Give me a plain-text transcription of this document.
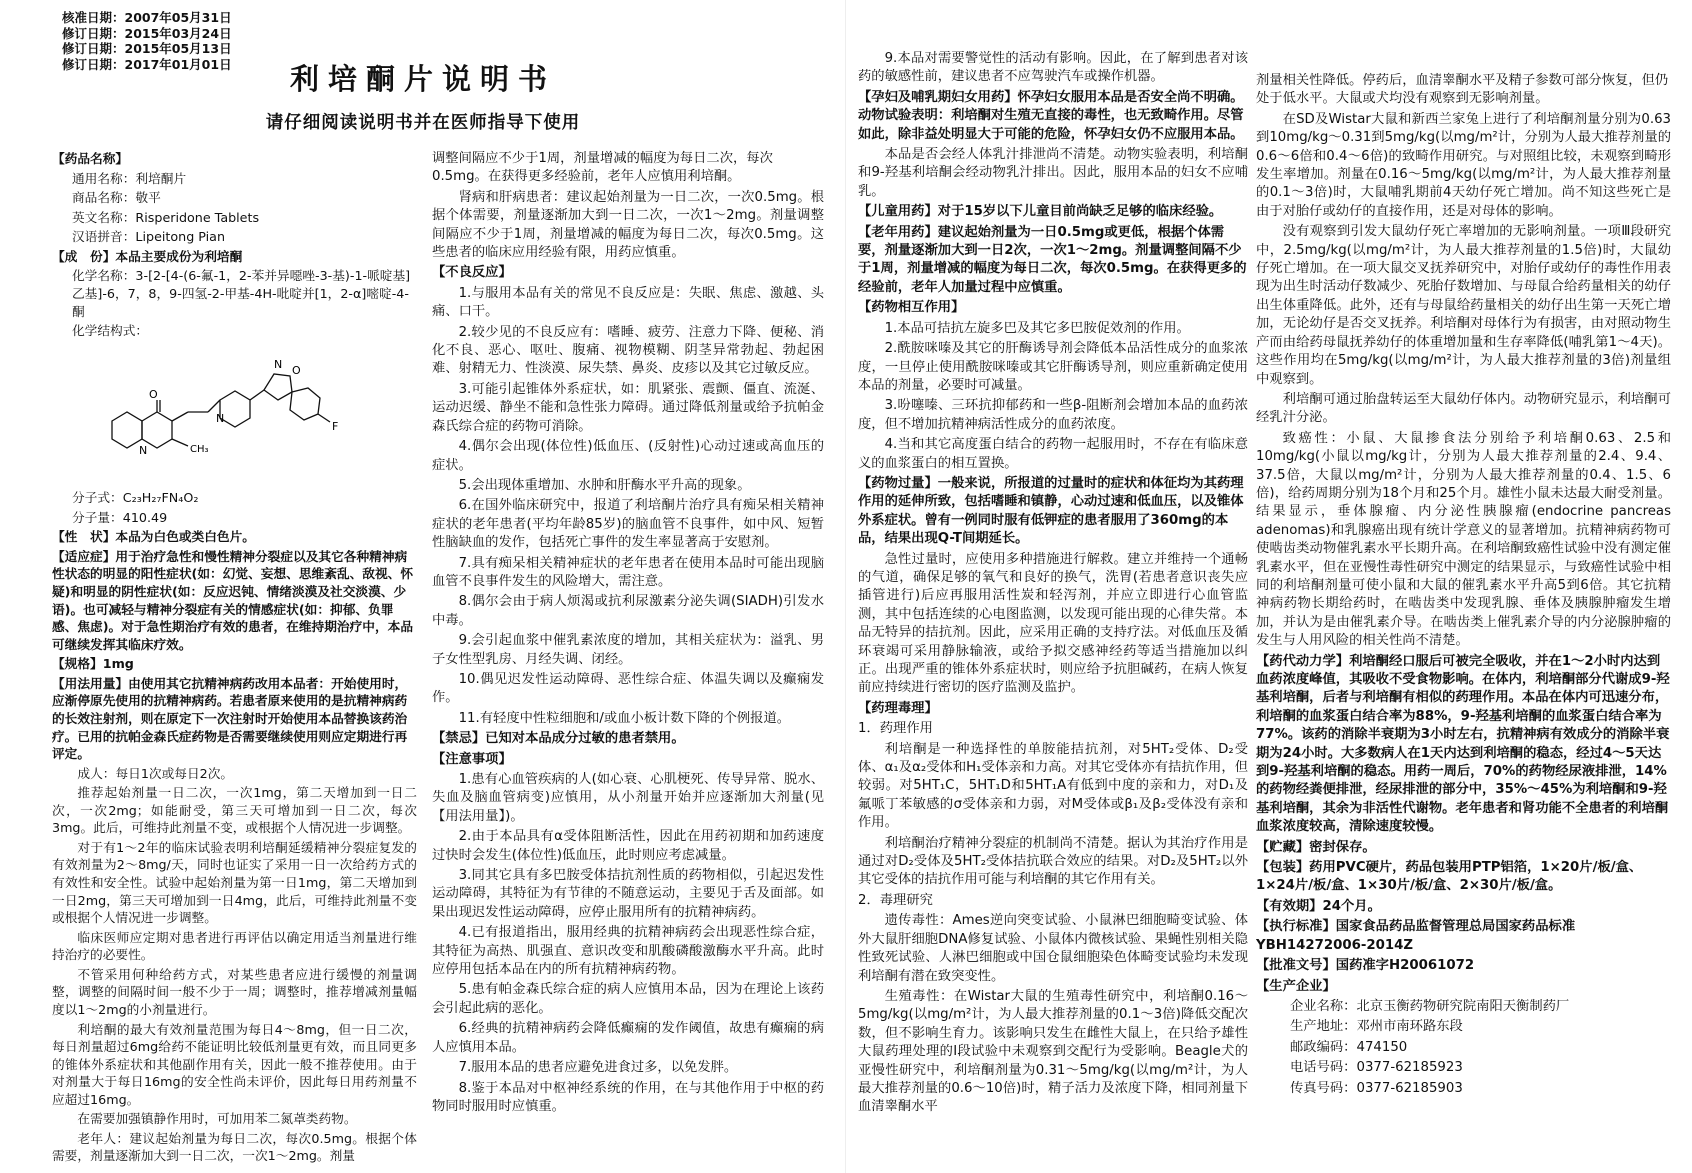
核准日期：2007年05月31日
修订日期：2015年03月24日
修订日期：2015年05月13日
修订日期：2017年01月01日	利培酮片说明书
请仔细阅读说明书并在医师指导下使用
【药品名称】
通用名称：利培酮片
商品名称：敬平
英文名称：Risperidone Tablets
汉语拼音：Lipeitong Pian
【成　份】本品主要成份为利培酮
化学名称：3-[2-[4-(6-氟-1，2-苯并异噁唑-3-基)-1-哌啶基]乙基]-6，7，8，9-四氢-2-甲基-4H-吡啶并[1，2-α]嘧啶-4-酮
化学结构式：
O
N	CH₃
N
N O
F
分子式：C₂₃H₂₇FN₄O₂
分子量：410.49
【性　状】本品为白色或类白色片。
【适应症】用于治疗急性和慢性精神分裂症以及其它各种精神病性状态的明显的阳性症状(如：幻觉、妄想、思维紊乱、敌视、怀疑)和明显的阴性症状(如：反应迟钝、情绪淡漠及社交淡漠、少语)。也可减轻与精神分裂症有关的情感症状(如：抑郁、负罪感、焦虑)。对于急性期治疗有效的患者，在维持期治疗中，本品可继续发挥其临床疗效。
【规格】1mg
【用法用量】由使用其它抗精神病药改用本品者：开始使用时，应渐停原先使用的抗精神病药。若患者原来使用的是抗精神病药的长效注射剂，则在原定下一次注射时开始使用本品替换该药治疗。已用的抗帕金森氏症药物是否需要继续使用则应定期进行再评定。
成人：每日1次或每日2次。
推荐起始剂量一日二次，一次1mg，第二天增加到一日二次，一次2mg；如能耐受，第三天可增加到一日二次，每次3mg。此后，可维持此剂量不变，或根据个人情况进一步调整。
对于有1～2年的临床试验表明利培酮延缓精神分裂症复发的有效剂量为2～8mg/天，同时也证实了采用一日一次给药方式的有效性和安全性。试验中起始剂量为第一日1mg，第二天增加到一日2mg，第三天可增加到一日4mg，此后，可维持此剂量不变或根据个人情况进一步调整。
临床医师应定期对患者进行再评估以确定用适当剂量进行维持治疗的必要性。
不管采用何种给药方式，对某些患者应进行缓慢的剂量调整，调整的间隔时间一般不少于一周；调整时，推荐增减剂量幅度以1～2mg的小剂量进行。
利培酮的最大有效剂量范围为每日4～8mg，但一日二次，每日剂量超过6mg给药不能证明比较低剂量更有效，而且同更多的锥体外系症状和其他副作用有关，因此一般不推荐使用。由于对剂量大于每日16mg的安全性尚未评价，因此每日用药剂量不应超过16mg。
在需要加强镇静作用时，可加用苯二氮䓬类药物。
老年人：建议起始剂量为每日二次，每次0.5mg。根据个体需要，剂量逐渐加大到一日二次，一次1～2mg。剂量
调整间隔应不少于1周，剂量增减的幅度为每日二次，每次0.5mg。在获得更多经验前，老年人应慎用利培酮。
肾病和肝病患者：建议起始剂量为一日二次，一次0.5mg。根据个体需要，剂量逐渐加大到一日二次，一次1～2mg。剂量调整间隔应不少于1周，剂量增减的幅度为每日二次，每次0.5mg。这些患者的临床应用经验有限，用药应慎重。
【不良反应】
1.与服用本品有关的常见不良反应是：失眠、焦虑、激越、头痛、口干。
2.较少见的不良反应有：嗜睡、疲劳、注意力下降、便秘、消化不良、恶心、呕吐、腹痛、视物模糊、阴茎异常勃起、勃起困难、射精无力、性淡漠、尿失禁、鼻炎、皮疹以及其它过敏反应。
3.可能引起锥体外系症状，如：肌紧张、震颤、僵直、流涎、运动迟缓、静坐不能和急性张力障碍。通过降低剂量或给予抗帕金森氏综合症的药物可消除。
4.偶尔会出现(体位性)低血压、(反射性)心动过速或高血压的症状。
5.会出现体重增加、水肿和肝酶水平升高的现象。
6.在国外临床研究中，报道了利培酮片治疗具有痴呆相关精神症状的老年患者(平均年龄85岁)的脑血管不良事件，如中风、短暂性脑缺血的发作，包括死亡事件的发生率显著高于安慰剂。
7.具有痴呆相关精神症状的老年患者在使用本品时可能出现脑血管不良事件发生的风险增大，需注意。
8.偶尔会由于病人烦渴或抗利尿激素分泌失调(SIADH)引发水中毒。
9.会引起血浆中催乳素浓度的增加，其相关症状为：溢乳、男子女性型乳房、月经失调、闭经。
10.偶见迟发性运动障碍、恶性综合症、体温失调以及癫痫发作。
11.有轻度中性粒细胞和/或血小板计数下降的个例报道。
【禁忌】已知对本品成分过敏的患者禁用。
【注意事项】
1.患有心血管疾病的人(如心衰、心肌梗死、传导异常、脱水、失血及脑血管病变)应慎用，从小剂量开始并应逐渐加大剂量(见【用法用量】)。
2.由于本品具有α受体阻断活性，因此在用药初期和加药速度过快时会发生(体位性)低血压，此时则应考虑减量。
3.同其它具有多巴胺受体拮抗剂性质的药物相似，引起迟发性运动障碍，其特征为有节律的不随意运动，主要见于舌及面部。如果出现迟发性运动障碍，应停止服用所有的抗精神病药。
4.已有报道指出，服用经典的抗精神病药会出现恶性综合症，其特征为高热、肌强直、意识改变和肌酸磷酸激酶水平升高。此时应停用包括本品在内的所有抗精神病药物。
5.患有帕金森氏综合症的病人应慎用本品，因为在理论上该药会引起此病的恶化。
6.经典的抗精神病药会降低癫痫的发作阈值，故患有癫痫的病人应慎用本品。
7.服用本品的患者应避免进食过多，以免发胖。
8.鉴于本品对中枢神经系统的作用，在与其他作用于中枢的药物同时服用时应慎重。
9.本品对需要警觉性的活动有影响。因此，在了解到患者对该药的敏感性前，建议患者不应驾驶汽车或操作机器。
【孕妇及哺乳期妇女用药】怀孕妇女服用本品是否安全尚不明确。动物试验表明：利培酮对生殖无直接的毒性，也无致畸作用。尽管如此，除非益处明显大于可能的危险，怀孕妇女仍不应服用本品。
本品是否会经人体乳汁排泄尚不清楚。动物实验表明，利培酮和9-羟基利培酮会经动物乳汁排出。因此，服用本品的妇女不应哺乳。
【儿童用药】对于15岁以下儿童目前尚缺乏足够的临床经验。
【老年用药】建议起始剂量为一日0.5mg或更低，根据个体需要，剂量逐渐加大到一日2次，一次1～2mg。剂量调整间隔不少于1周，剂量增减的幅度为每日二次，每次0.5mg。在获得更多的经验前，老年人加量过程中应慎重。
【药物相互作用】
1.本品可拮抗左旋多巴及其它多巴胺促效剂的作用。
2.酰胺咪嗪及其它的肝酶诱导剂会降低本品活性成分的血浆浓度，一旦停止使用酰胺咪嗪或其它肝酶诱导剂，则应重新确定使用本品的剂量，必要时可减量。
3.吩噻嗪、三环抗抑郁药和一些β-阻断剂会增加本品的血药浓度，但不增加抗精神病活性成分的血药浓度。
4.当和其它高度蛋白结合的药物一起服用时，不存在有临床意义的血浆蛋白的相互置换。
【药物过量】一般来说，所报道的过量时的症状和体征均为其药理作用的延伸所致，包括嗜睡和镇静，心动过速和低血压，以及锥体外系症状。曾有一例同时服有低钾症的患者服用了360mg的本品，结果出现Q-T间期延长。
急性过量时，应使用多种措施进行解救。建立并维持一个通畅的气道，确保足够的氧气和良好的换气，洗胃(若患者意识丧失应插管进行)后应再服用活性炭和轻泻剂，并应立即进行心血管监测，其中包括连续的心电图监测，以发现可能出现的心律失常。本品无特异的拮抗剂。因此，应采用正确的支持疗法。对低血压及循环衰竭可采用静脉输液，或给予拟交感神经药等适当措施加以纠正。出现严重的锥体外系症状时，则应给予抗胆碱药，在病人恢复前应持续进行密切的医疗监测及监护。
【药理毒理】
1．药理作用
利培酮是一种选择性的单胺能拮抗剂，对5HT₂受体、D₂受体、α₁及α₂受体和H₁受体亲和力高。对其它受体亦有拮抗作用，但较弱。对5HT₁C，5HT₁D和5HT₁A有低到中度的亲和力，对D₁及氟哌丁苯敏感的σ受体亲和力弱，对M受体或β₁及β₂受体没有亲和作用。
利培酮治疗精神分裂症的机制尚不清楚。据认为其治疗作用是通过对D₂受体及5HT₂受体拮抗联合效应的结果。对D₂及5HT₂以外其它受体的拮抗作用可能与利培酮的其它作用有关。
2．毒理研究
遗传毒性：Ames逆向突变试验、小鼠淋巴细胞畸变试验、体外大鼠肝细胞DNA修复试验、小鼠体内微核试验、果蝇性别相关隐性致死试验、人淋巴细胞或中国仓鼠细胞染色体畸变试验均未发现利培酮有潜在致突变性。
生殖毒性：在Wistar大鼠的生殖毒性研究中，利培酮0.16～5mg/kg(以mg/m²计，为人最大推荐剂量的0.1～3倍)降低交配次数，但不影响生育力。该影响只发生在雌性大鼠上，在只给予雄性大鼠药理处理的Ⅰ段试验中未观察到交配行为受影响。Beagle犬的亚慢性研究中，利培酮剂量为0.31～5mg/kg(以mg/m²计，为人最大推荐剂量的0.6～10倍)时，精子活力及浓度下降，相同剂量下血清睾酮水平
剂量相关性降低。停药后，血清睾酮水平及精子参数可部分恢复，但仍处于低水平。大鼠或犬均没有观察到无影响剂量。
在SD及Wistar大鼠和新西兰家兔上进行了利培酮剂量分别为0.63到10mg/kg～0.31到5mg/kg(以mg/m²计，分别为人最大推荐剂量的0.6～6倍和0.4～6倍)的致畸作用研究。与对照组比较，未观察到畸形发生率增加。剂量在0.16～5mg/kg(以mg/m²计，为人最大推荐剂量的0.1～3倍)时，大鼠哺乳期前4天幼仔死亡增加。尚不知这些死亡是由于对胎仔或幼仔的直接作用，还是对母体的影响。
没有观察到引发大鼠幼仔死亡率增加的无影响剂量。一项Ⅲ段研究中，2.5mg/kg(以mg/m²计，为人最大推荐剂量的1.5倍)时，大鼠幼仔死亡增加。在一项大鼠交叉抚养研究中，对胎仔或幼仔的毒性作用表现为出生时活动仔数减少、死胎仔数增加、与母鼠合给药量相关的幼仔出生体重降低。此外，还有与母鼠给药量相关的幼仔出生第一天死亡增加，无论幼仔是否交叉抚养。利培酮对母体行为有损害，由对照动物生产而由给药母鼠抚养幼仔的体重增加量和生存率降低(哺乳第1～4天)。这些作用均在5mg/kg(以mg/m²计，为人最大推荐剂量的3倍)剂量组中观察到。
利培酮可通过胎盘转运至大鼠幼仔体内。动物研究显示，利培酮可经乳汁分泌。
致癌性：小鼠、大鼠掺食法分别给予利培酮0.63、2.5和10mg/kg(小鼠以mg/kg计，分别为人最大推荐剂量的2.4、9.4、37.5倍，大鼠以mg/m²计，分别为人最大推荐剂量的0.4、1.5、6倍)，给药周期分别为18个月和25个月。雄性小鼠未达最大耐受剂量。结果显示，垂体腺瘤、内分泌性胰腺瘤(endocrine pancreas adenomas)和乳腺癌出现有统计学意义的显著增加。抗精神病药物可使啮齿类动物催乳素水平长期升高。在利培酮致癌性试验中没有测定催乳素水平，但在亚慢性毒性研究中测定的结果显示，与致癌性试验中相同的利培酮剂量可使小鼠和大鼠的催乳素水平升高5到6倍。其它抗精神病药物长期给药时，在啮齿类中发现乳腺、垂体及胰腺肿瘤发生增加，并认为是由催乳素介导。在啮齿类上催乳素介导的内分泌腺肿瘤的发生与人用风险的相关性尚不清楚。
【药代动力学】利培酮经口服后可被完全吸收，并在1～2小时内达到血药浓度峰值，其吸收不受食物影响。在体内，利培酮部分代谢成9-羟基利培酮，后者与利培酮有相似的药理作用。本品在体内可迅速分布，利培酮的血浆蛋白结合率为88%，9-羟基利培酮的血浆蛋白结合率为77%。该药的消除半衰期为3小时左右，抗精神病有效成分的消除半衰期为24小时。大多数病人在1天内达到利培酮的稳态，经过4～5天达到9-羟基利培酮的稳态。用药一周后，70%的药物经尿液排泄，14%的药物经粪便排泄，经尿排泄的部分中，35%～45%为利培酮和9-羟基利培酮，其余为非活性代谢物。老年患者和肾功能不全患者的利培酮血浆浓度较高，清除速度较慢。
【贮藏】密封保存。
【包装】药用PVC硬片，药品包装用PTP铝箔，1×20片/板/盒、1×24片/板/盒、1×30片/板/盒、2×30片/板/盒。
【有效期】24个月。
【执行标准】国家食品药品监督管理总局国家药品标准 YBH14272006-2014Z
【批准文号】国药准字H20061072
【生产企业】
企业名称：北京玉衡药物研究院南阳天衡制药厂
生产地址：邓州市南环路东段
邮政编码：474150
电话号码：0377-62185923
传真号码：0377-62185903
